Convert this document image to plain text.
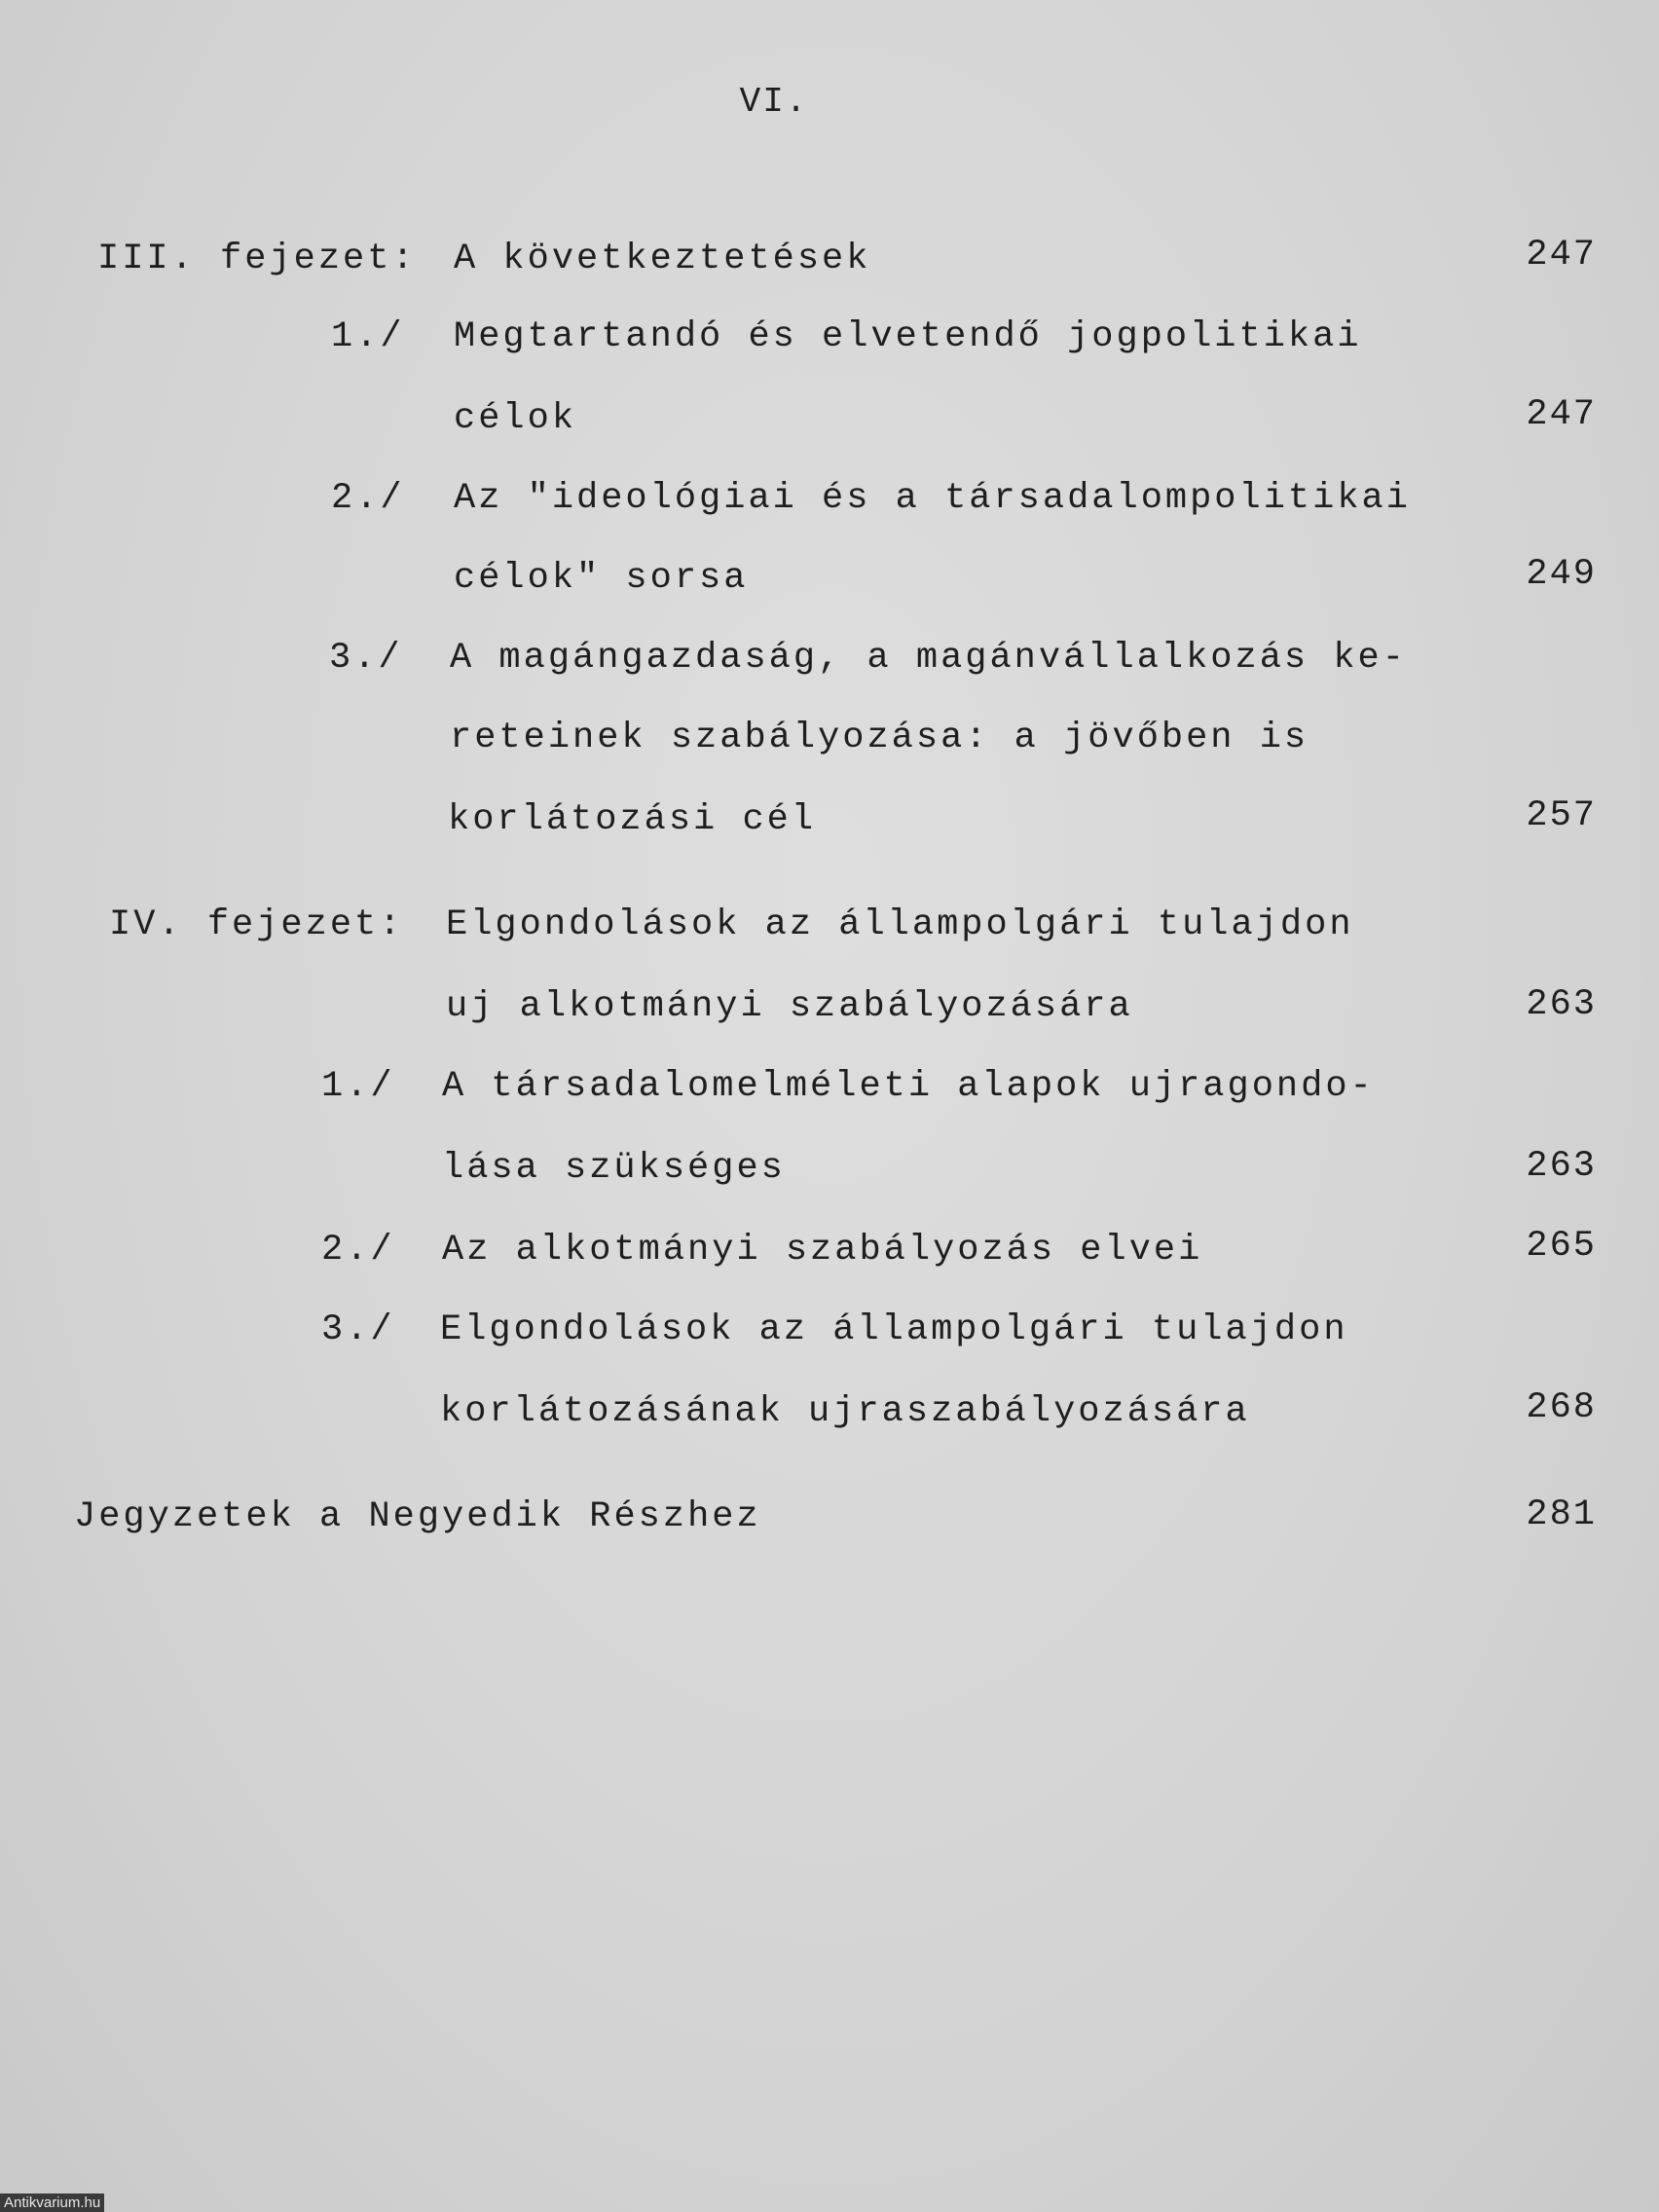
VI.
III. fejezet: A következtetések	247
1./ Megtartandó és elvetendő jogpolitikai
célok	247
2./ Az "ideológiai és a társadalompolitikai
célok" sorsa	249
3./ A magángazdaság, a magánvállalkozás ke-
reteinek szabályozása: a jövőben is
korlátozási cél	257
IV. fejezet: Elgondolások az állampolgári tulajdon
uj alkotmányi szabályozására	263
1./ A társadalomelméleti alapok ujragondo-
lása szükséges	263
2./ Az alkotmányi szabályozás elvei	265
3./ Elgondolások az állampolgári tulajdon
korlátozásának ujraszabályozására	268
Jegyzetek a Negyedik Részhez	281
Antikvarium.hu
